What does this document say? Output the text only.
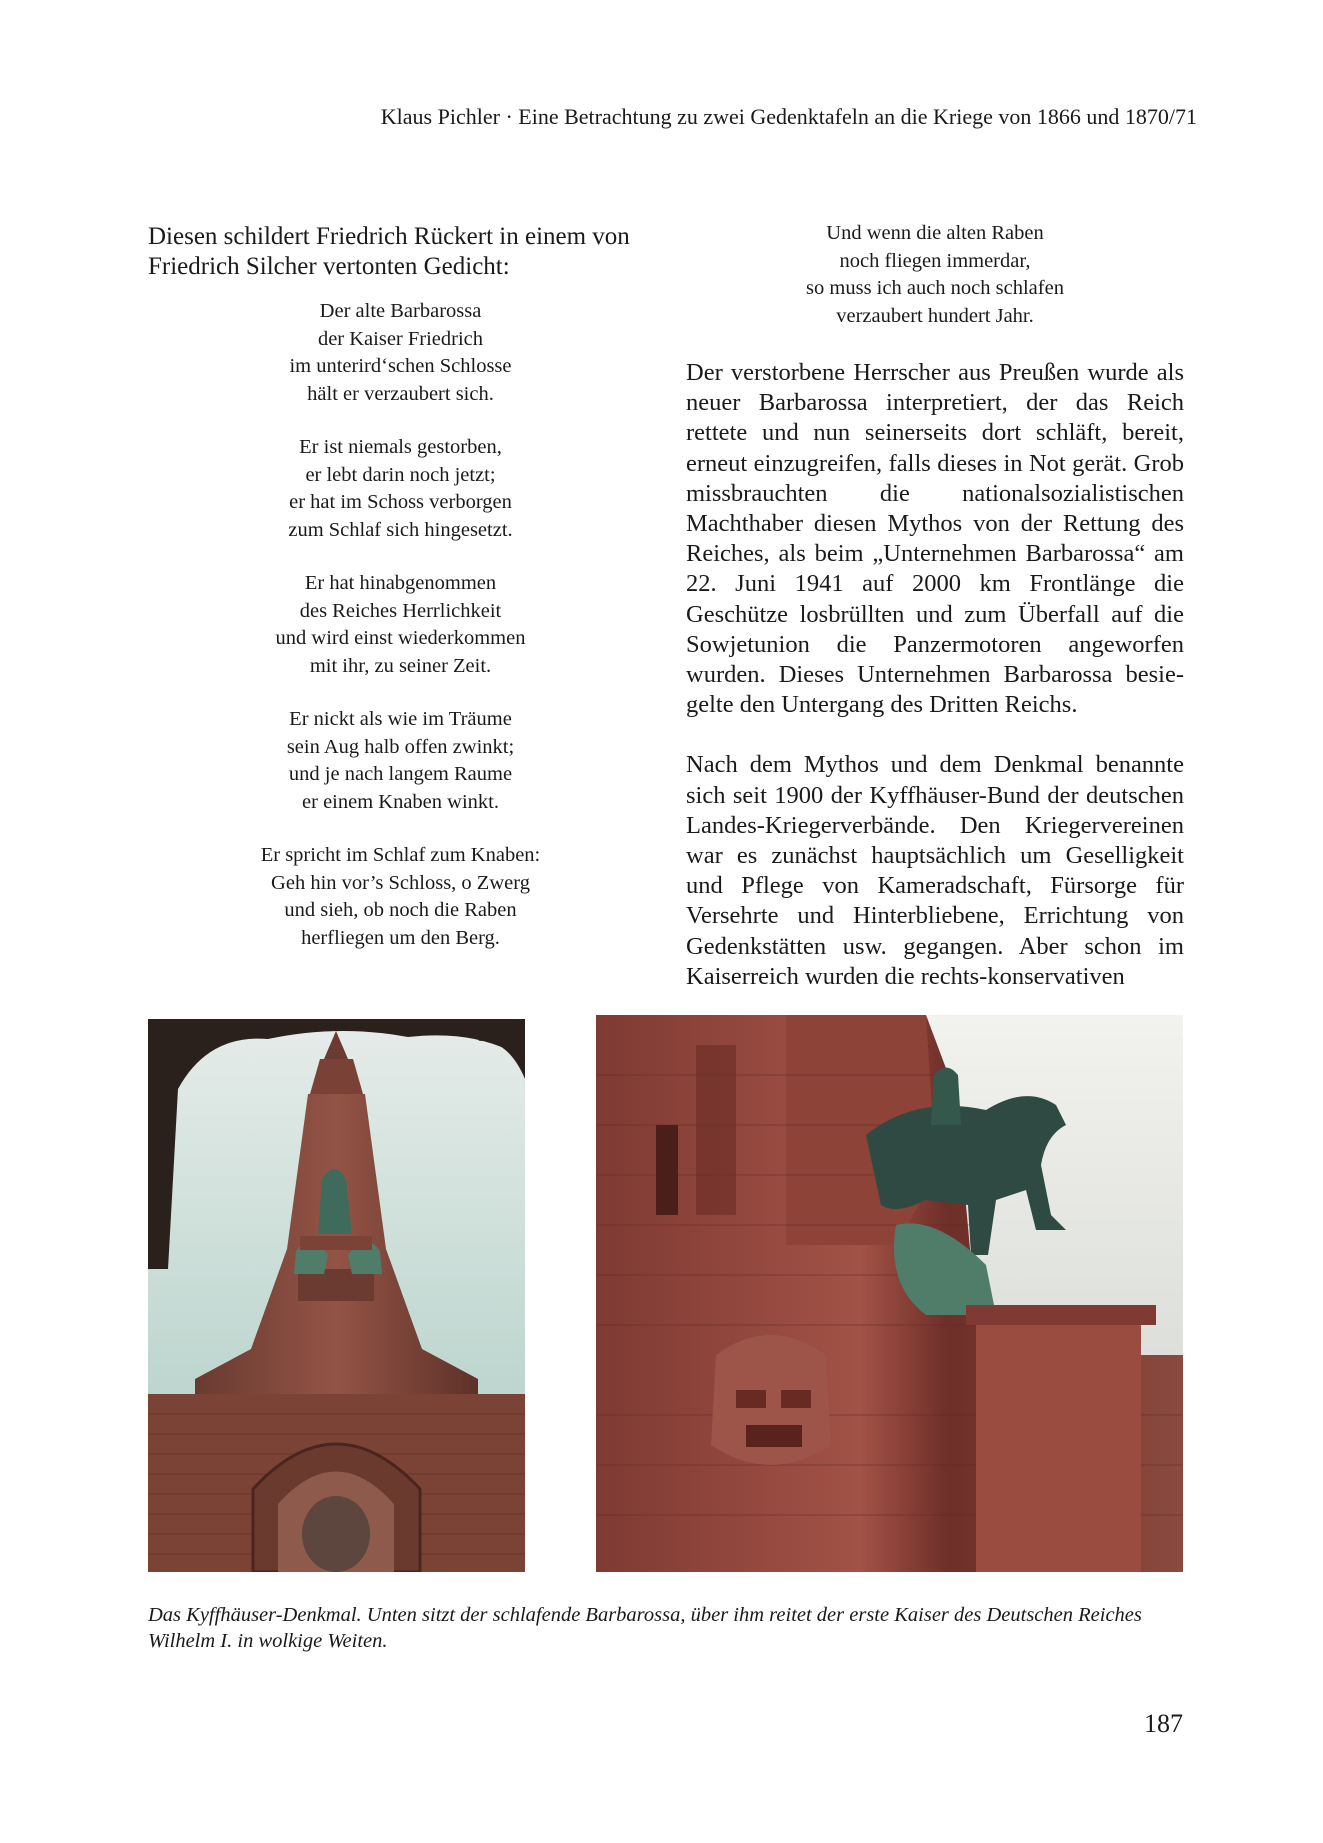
Klaus Pichler · Eine Betrachtung zu zwei Gedenktafeln an die Kriege von 1866 und 1870/71

Diesen schildert Friedrich Rückert in einem von Friedrich Silcher vertonten Gedicht:

Der alte Barbarossa
der Kaiser Friedrich
im unterird‘schen Schlosse
hält er verzaubert sich.
Er ist niemals gestorben,
er lebt darin noch jetzt;
er hat im Schoss verborgen
zum Schlaf sich hingesetzt.
Er hat hinabgenommen
des Reiches Herrlichkeit
und wird einst wiederkommen
mit ihr, zu seiner Zeit.
Er nickt als wie im Träume
sein Aug halb offen zwinkt;
und je nach langem Raume
er einem Knaben winkt.
Er spricht im Schlaf zum Knaben:
Geh hin vor’s Schloss, o Zwerg
und sieh, ob noch die Raben
herfliegen um den Berg.
Und wenn die alten Raben
noch fliegen immerdar,
so muss ich auch noch schlafen
verzaubert hundert Jahr.

Der verstorbene Herrscher aus Preußen wurde als neuer Barbarossa interpretiert, der das Reich rettete und nun seinerseits dort schläft, bereit, erneut einzugreifen, falls dieses in Not gerät. Grob missbrauchten die nationalsozialistischen Machthaber diesen Mythos von der Rettung des Reiches, als beim „Unternehmen Barbarossa“ am 22. Juni 1941 auf 2000 km Frontlänge die Geschütze losbrüllten und zum Überfall auf die Sowjetunion die Panzermotoren angeworfen wurden. Dieses Unternehmen Barbarossa besiegelte den Untergang des Dritten Reichs.

Nach dem Mythos und dem Denkmal benannte sich seit 1900 der Kyffhäuser-Bund der deutschen Landes-Kriegerverbände. Den Kriegervereinen war es zunächst hauptsächlich um Geselligkeit und Pflege von Kameradschaft, Fürsorge für Versehrte und Hinterbliebene, Errichtung von Gedenkstätten usw. gegangen. Aber schon im Kaiserreich wurden die rechts-konservativen

Das Kyffhäuser-Denkmal. Unten sitzt der schlafende Barbarossa, über ihm reitet der erste Kaiser des Deutschen Reiches Wilhelm I. in wolkige Weiten.

187
